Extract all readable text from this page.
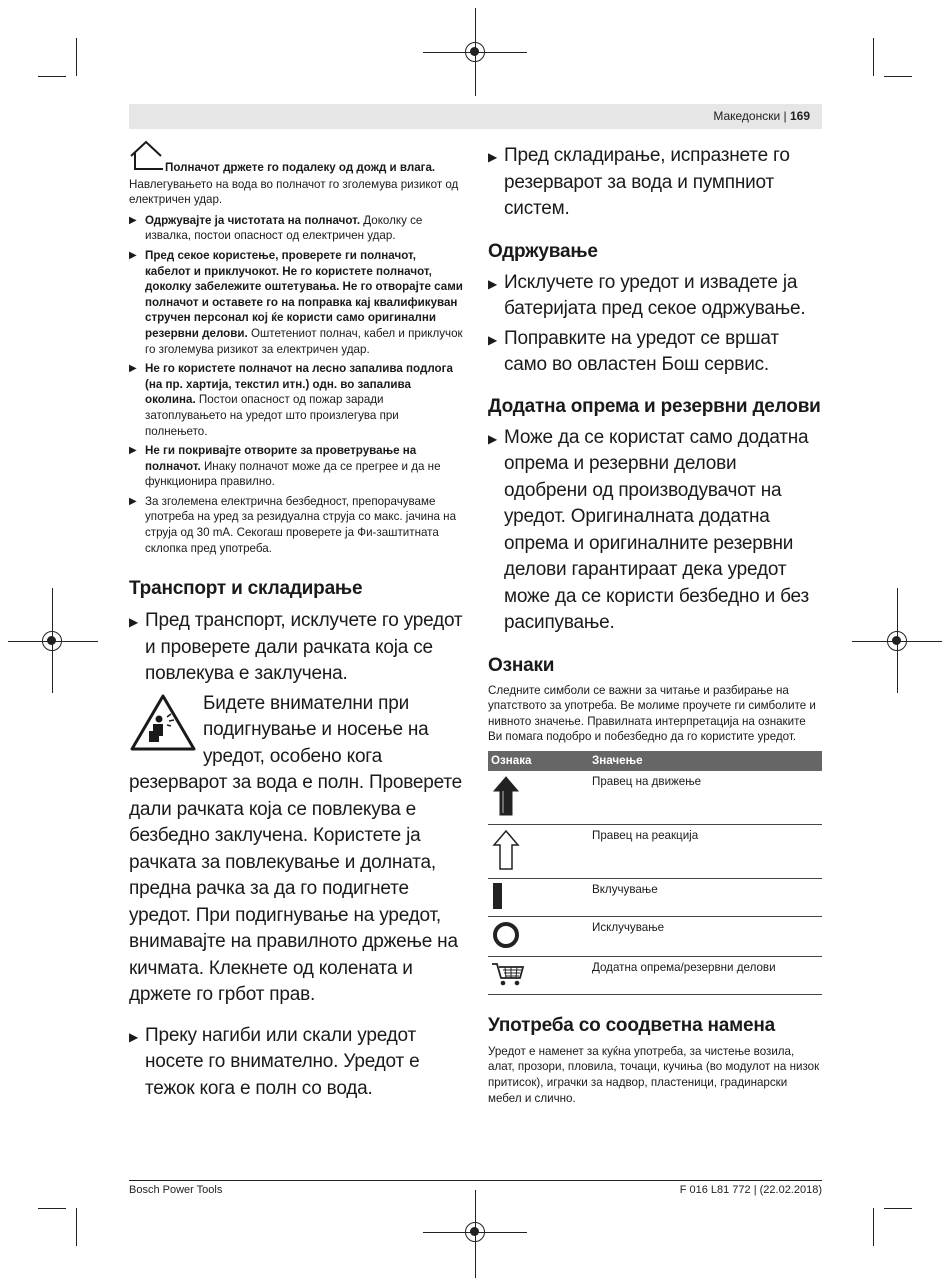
Македонски | 169

Полначот држете го подалеку од дожд и влага.

Навлегувањето на вода во полначот го зголемува ризикот од електричен удар.

▶ Одржувајте ја чистотата на полначот. Доколку се извалка, постои опасност од електричен удар.

▶ Пред секое користење, проверете ги полначот, кабелот и приклучокот. Не го користете полначот, доколку забележите оштетувања. Не го отворајте сами полначот и оставете го на поправка кај квалификуван стручен персонал кој ќе користи само оригинални резервни делови. Оштетениот полнач, кабел и приклучок го зголемува ризикот за електричен удар.

▶ Не го користете полначот на лесно запалива подлога (на пр. хартија, текстил итн.) одн. во запалива околина. Постои опасност од пожар заради затоплувањето на уредот што произлегува при полнењето.

▶ Не ги покривајте отворите за проветрување на полначот. Инаку полначот може да се прегрее и да не функционира правилно.

▶ За зголемена електрична безбедност, препорачуваме употреба на уред за резидуална струја со макс. јачина на струја од 30 mA. Секогаш проверете ја Фи-заштитната склопка пред употреба.

Транспорт и складирање

▶ Пред транспорт, исклучете го уредот и проверете дали рачката која се повлекува е заклучена.

Бидете внимателни при подигнување и носење на уредот, особено кога

резерварот за вода е полн. Проверете дали рачката која се повлекува е безбедно заклучена. Користете ја рачката за повлекување и долната, предна рачка за да го подигнете уредот. При подигнување на уредот, внимавајте на правилното држење на кичмата. Клекнете од колената и држете го грбот прав.

▶ Преку нагиби или скали уредот носете го внимателно. Уредот е тежок кога е полн со вода.

▶ Пред складирање, испразнете го резерварот за вода и пумпниот систем.

Одржување

▶ Исклучете го уредот и извадете ја батеријата пред секое одржување.

▶ Поправките на уредот се вршат само во овластен Бош сервис.

Додатна опрема и резервни делови

▶ Може да се користат само додатна опрема и резервни делови одобрени од производувачот на уредот. Оригиналната додатна опрема и оригиналните резервни делови гарантираат дека уредот може да се користи безбедно и без расипување.

Ознаки

Следните симболи се важни за читање и разбирање на упатството за употреба. Ве молиме проучете ги симболите и нивното значење. Правилната интерпретација на ознаките Ви помага подобро и побезбедно да го користите уредот.

Ознака	Значење
	Правец на движење
	Правец на реакција
	Вклучување
	Исклучување
	Додатна опрема/резервни делови
Употреба со соодветна намена

Уредот е наменет за куќна употреба, за чистење возила, алат, прозори, пловила, точаци, кучиња (во модулот на низок притисок), играчки за надвор, пластеници, градинарски мебел и слично.

Bosch Power Tools	F 016 L81 772 | (22.02.2018)
